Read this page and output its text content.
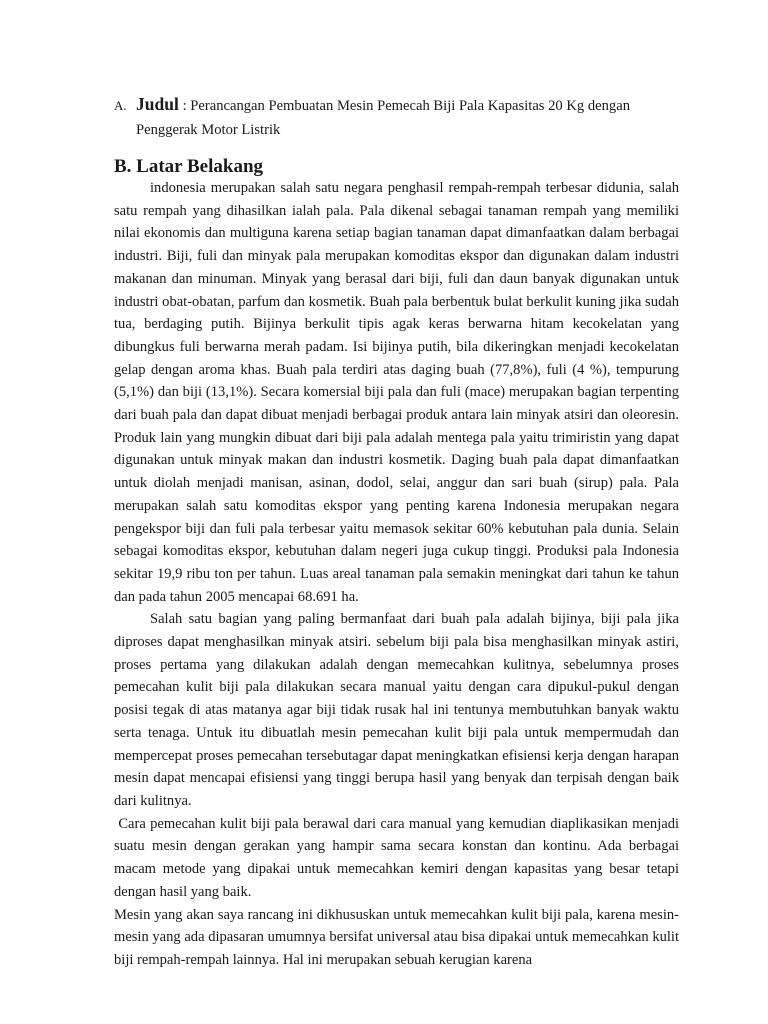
A. Judul : Perancangan Pembuatan Mesin Pemecah Biji Pala Kapasitas 20 Kg dengan
Penggerak Motor Listrik
B. Latar Belakang

indonesia merupakan salah satu negara penghasil rempah-rempah terbesar didunia, salah satu rempah yang dihasilkan ialah pala. Pala dikenal sebagai tanaman rempah yang memiliki nilai ekonomis dan multiguna karena setiap bagian tanaman dapat dimanfaatkan dalam berbagai industri. Biji, fuli dan minyak pala merupakan komoditas ekspor dan digunakan dalam industri makanan dan minuman. Minyak yang berasal dari biji, fuli dan daun banyak digunakan untuk industri obat-obatan, parfum dan kosmetik. Buah pala berbentuk bulat berkulit kuning jika sudah tua, berdaging putih. Bijinya berkulit tipis agak keras berwarna hitam kecokelatan yang dibungkus fuli berwarna merah padam. Isi bijinya putih, bila dikeringkan menjadi kecokelatan gelap dengan aroma khas. Buah pala terdiri atas daging buah (77,8%), fuli (4 %), tempurung (5,1%) dan biji (13,1%). Secara komersial biji pala dan fuli (mace) merupakan bagian terpenting dari buah pala dan dapat dibuat menjadi berbagai produk antara lain minyak atsiri dan oleoresin. Produk lain yang mungkin dibuat dari biji pala adalah mentega pala yaitu trimiristin yang dapat digunakan untuk minyak makan dan industri kosmetik. Daging buah pala dapat dimanfaatkan untuk diolah menjadi manisan, asinan, dodol, selai, anggur dan sari buah (sirup) pala. Pala merupakan salah satu komoditas ekspor yang penting karena Indonesia merupakan negara pengekspor biji dan fuli pala terbesar yaitu memasok sekitar 60% kebutuhan pala dunia. Selain sebagai komoditas ekspor, kebutuhan dalam negeri juga cukup tinggi. Produksi pala Indonesia sekitar 19,9 ribu ton per tahun. Luas areal tanaman pala semakin meningkat dari tahun ke tahun dan pada tahun 2005 mencapai 68.691 ha.

Salah satu bagian yang paling bermanfaat dari buah pala adalah bijinya, biji pala jika diproses dapat menghasilkan minyak atsiri. sebelum biji pala bisa menghasilkan minyak astiri, proses pertama yang dilakukan adalah dengan memecahkan kulitnya, sebelumnya proses pemecahan kulit biji pala dilakukan secara manual yaitu dengan cara dipukul-pukul dengan posisi tegak di atas matanya agar biji tidak rusak hal ini tentunya membutuhkan banyak waktu serta tenaga. Untuk itu dibuatlah mesin pemecahan kulit biji pala untuk mempermudah dan mempercepat proses pemecahan tersebutagar dapat meningkatkan efisiensi kerja dengan harapan mesin dapat mencapai efisiensi yang tinggi berupa hasil yang benyak dan terpisah dengan baik dari kulitnya.

Cara pemecahan kulit biji pala berawal dari cara manual yang kemudian diaplikasikan menjadi suatu mesin dengan gerakan yang hampir sama secara konstan dan kontinu. Ada berbagai macam metode yang dipakai untuk memecahkan kemiri dengan kapasitas yang besar tetapi dengan hasil yang baik.

Mesin yang akan saya rancang ini dikhususkan untuk memecahkan kulit biji pala, karena mesin-mesin yang ada dipasaran umumnya bersifat universal atau bisa dipakai untuk memecahkan kulit biji rempah-rempah lainnya. Hal ini merupakan sebuah kerugian karena
